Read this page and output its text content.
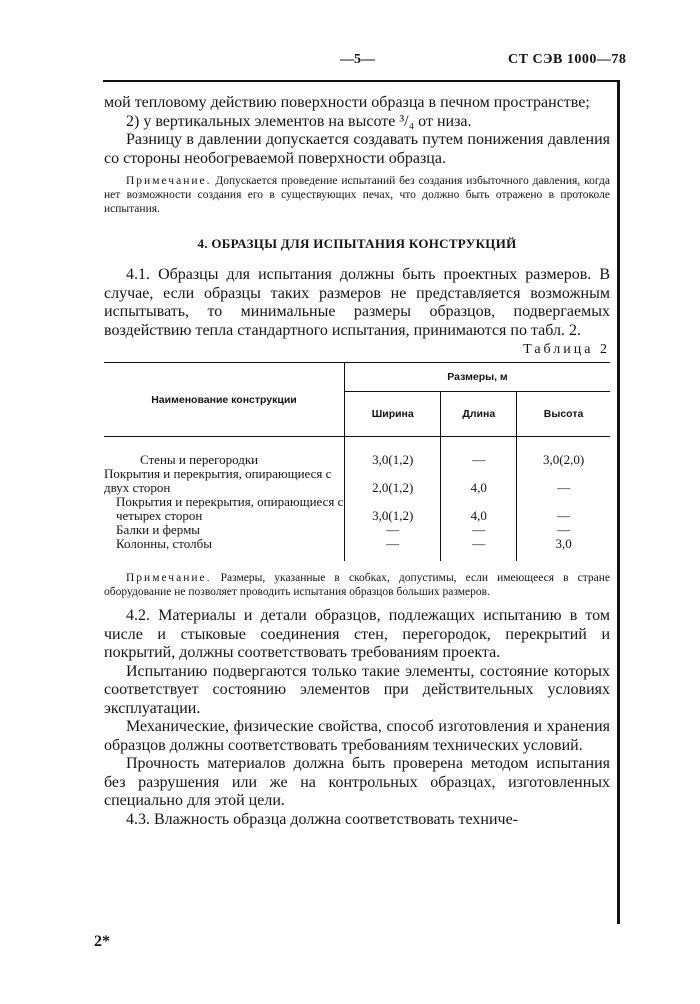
—5—	СТ СЭВ 1000—78

мой тепловому действию поверхности образца в печном пространстве;

2) у вертикальных элементов на высоте ³/₄ от низа.

Разницу в давлении допускается создавать путем понижения давления со стороны необогреваемой поверхности образца.

Примечание. Допускается проведение испытаний без создания избыточного давления, когда нет возможности создания его в существующих печах, что должно быть отражено в протоколе испытания.

4. ОБРАЗЦЫ ДЛЯ ИСПЫТАНИЯ КОНСТРУКЦИЙ

4.1. Образцы для испытания должны быть проектных размеров. В случае, если образцы таких размеров не представляется возможным испытывать, то минимальные размеры образцов, подвергаемых воздействию тепла стандартного испытания, принимаются по табл. 2.

Таблица 2
Наименование конструкции	Размеры, м		
	Ширина	Длина	Высота

Стены и перегородки	3,0(1,2)	—	3,0(2,0)

Покрытия и перекрытия, опирающиеся с двух сторон	2,0(1,2)	4,0	—

Покрытия и перекрытия, опирающиеся с четырех сторон	3,0(1,2)	4,0	—

Балки и фермы	—	—	—

Колонны, столбы	—	—	3,0

Примечание. Размеры, указанные в скобках, допустимы, если имеющееся в стране оборудование не позволяет проводить испытания образцов больших размеров.

4.2. Материалы и детали образцов, подлежащих испытанию в том числе и стыковые соединения стен, перегородок, перекрытий и покрытий, должны соответствовать требованиям проекта.

Испытанию подвергаются только такие элементы, состояние которых соответствует состоянию элементов при действительных условиях эксплуатации.

Механические, физические свойства, способ изготовления и хранения образцов должны соответствовать требованиям технических условий.

Прочность материалов должна быть проверена методом испытания без разрушения или же на контрольных образцах, изготовленных специально для этой цели.

4.3. Влажность образца должна соответствовать техниче-

2*
